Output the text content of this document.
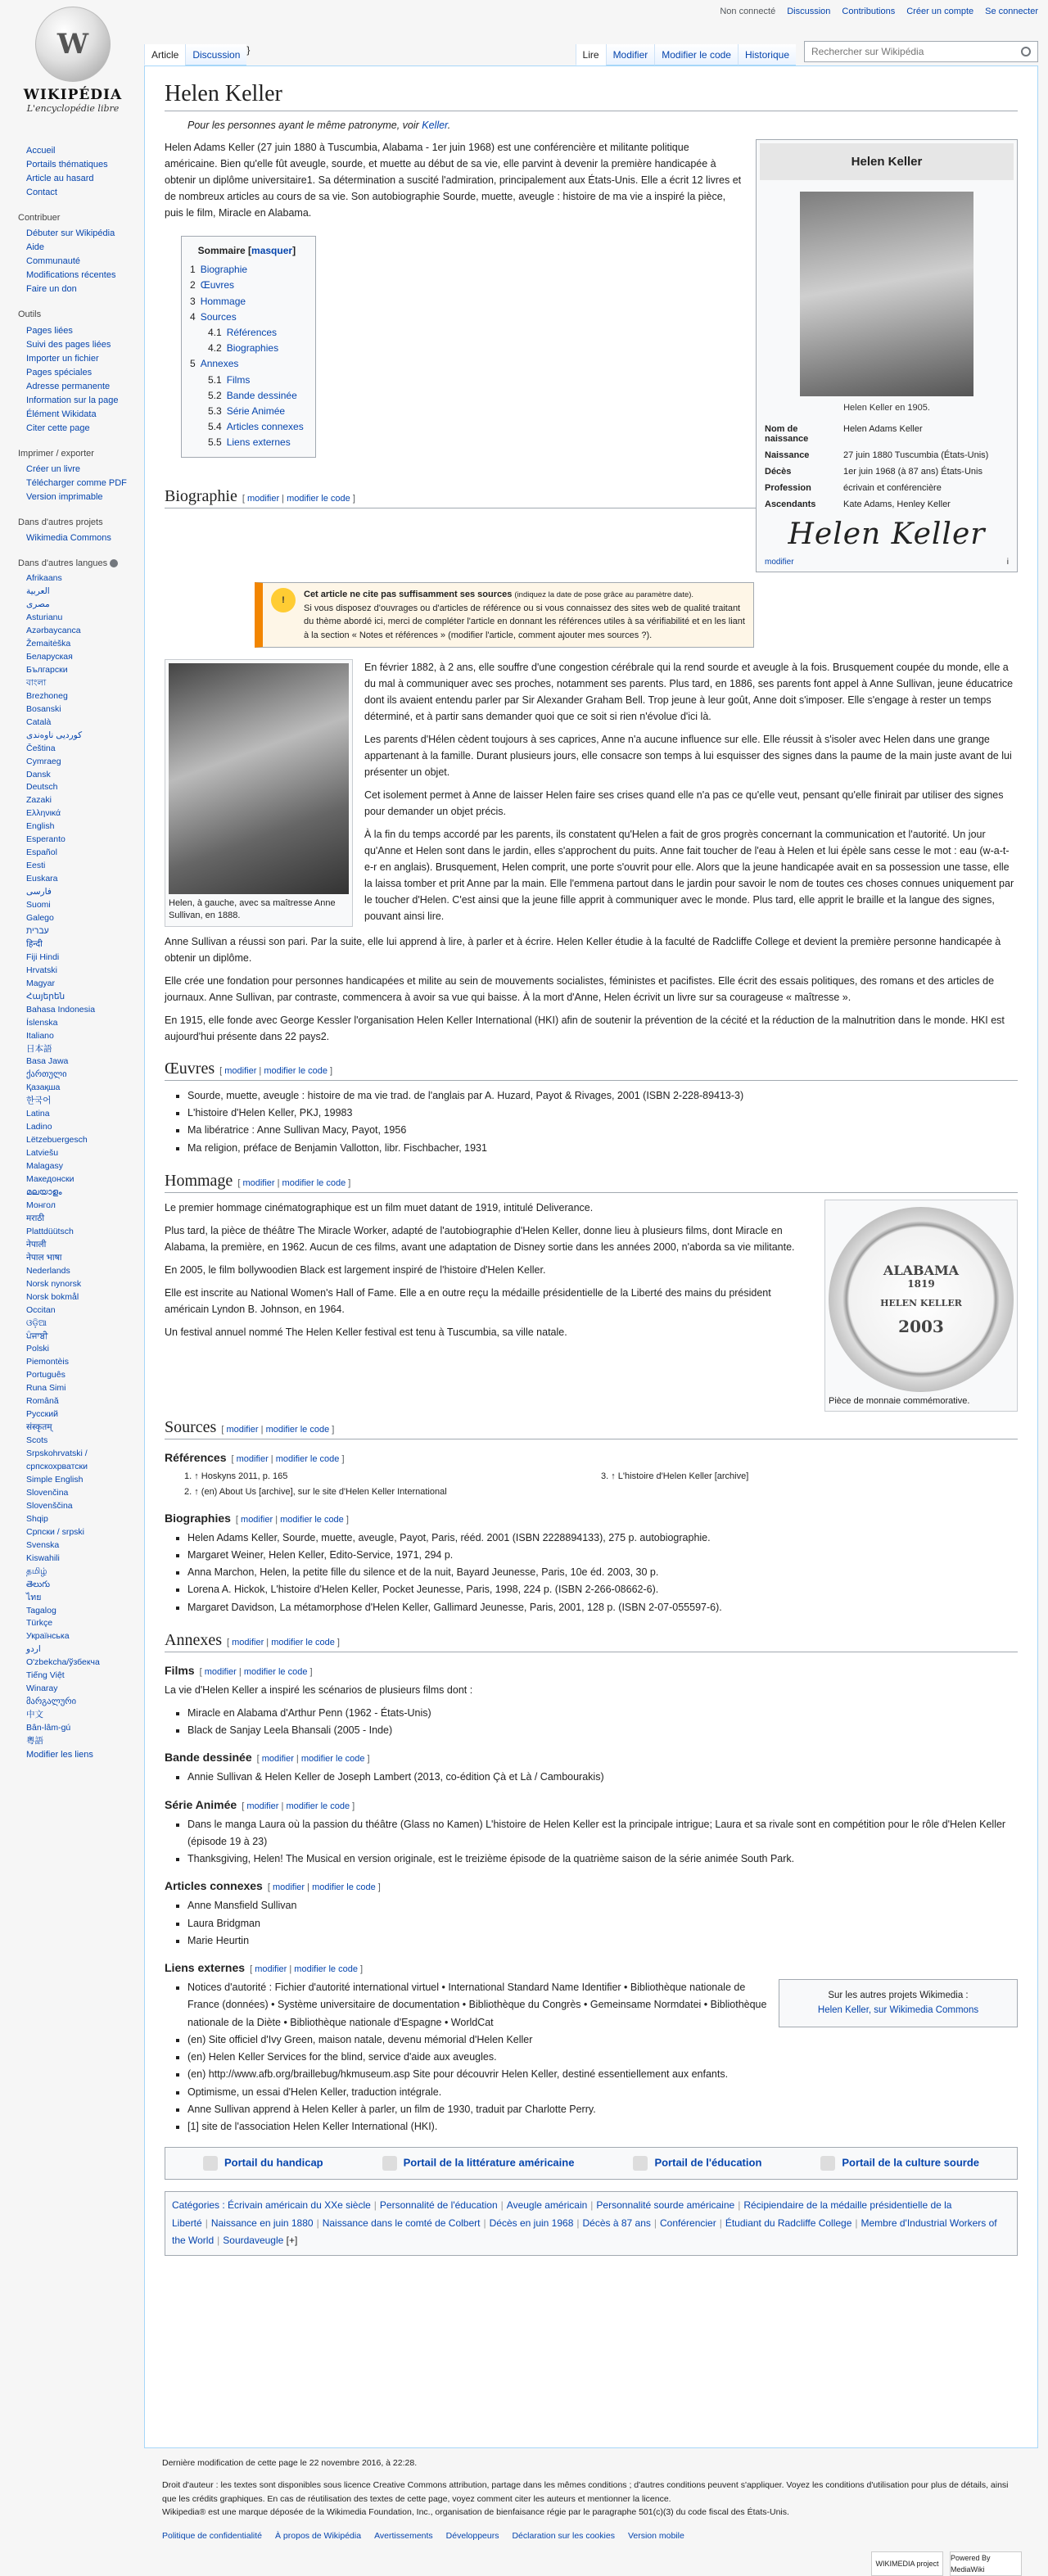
Non connecté Discussion Contributions Créer un compte Se connecter
W
WIKIPÉDIA
L'encyclopédie libre
Accueil
Portails thématiques
Article au hasard
Contact
Contribuer
Débuter sur Wikipédia
Aide
Communauté
Modifications récentes
Faire un don
Outils
Pages liées
Suivi des pages liées
Importer un fichier
Pages spéciales
Adresse permanente
Information sur la page
Élément Wikidata
Citer cette page
Imprimer / exporter
Créer un livre
Télécharger comme PDF
Version imprimable
Dans d'autres projets
Wikimedia Commons
Dans d'autres langues
Afrikaans
العربية
مصرى
Asturianu
Azərbaycanca
Žemaitėška
Беларуская
Български
বাংলা
Brezhoneg
Bosanski
Català
کوردیی ناوەندی
Čeština
Cymraeg
Dansk
Deutsch
Zazaki
Ελληνικά
English
Esperanto
Español
Eesti
Euskara
فارسی
Suomi
Galego
עברית
हिन्दी
Fiji Hindi
Hrvatski
Magyar
Հայերեն
Bahasa Indonesia
Íslenska
Italiano
日本語
Basa Jawa
ქართული
Қазақша
한국어
Latina
Ladino
Lëtzebuergesch
Latviešu
Malagasy
Македонски
മലയാളം
Монгол
मराठी
Plattdüütsch
नेपाली
नेपाल भाषा
Nederlands
Norsk nynorsk
Norsk bokmål
Occitan
ଓଡ଼ିଆ
ਪੰਜਾਬੀ
Polski
Piemontèis
Português
Runa Simi
Română
Русский
संस्कृतम्
Scots
Srpskohrvatski / српскохрватски
Simple English
Slovenčina
Slovenščina
Shqip
Српски / srpski
Svenska
Kiswahili
தமிழ்
తెలుగు
ไทย
Tagalog
Türkçe
Українська
اردو
O'zbekcha/ўзбекча
Tiếng Việt
Winaray
მარგალური
中文
Bân-lâm-gú
粵語
Modifier les liens
Article	Discussion }	Lire	Modifier	Modifier le code	Historique
Rechercher sur Wikipédia
Helen Keller
Pour les personnes ayant le même patronyme, voir Keller.
Helen Keller
Helen Keller en 1905.
Nom de naissance	Helen Adams Keller
Naissance	27 juin 1880 Tuscumbia (États-Unis)
Décès	1er juin 1968 (à 87 ans) États-Unis
Profession	écrivain et conférencière
Ascendants	Kate Adams, Henley Keller
Helen Keller
modifier	i

Helen Adams Keller (27 juin 1880 à Tuscumbia, Alabama - 1er juin 1968) est une conférencière et militante politique américaine. Bien qu'elle fût aveugle, sourde, et muette au début de sa vie, elle parvint à devenir la première handicapée à obtenir un diplôme universitaire1. Sa détermination a suscité l'admiration, principalement aux États-Unis. Elle a écrit 12 livres et de nombreux articles au cours de sa vie. Son autobiographie Sourde, muette, aveugle : histoire de ma vie a inspiré la pièce, puis le film, Miracle en Alabama.

Sommaire [masquer]
1 Biographie
2 Œuvres
3 Hommage
4 Sources
4.1 Références
4.2 Biographies
5 Annexes
5.1 Films
5.2 Bande dessinée
5.3 Série Animée
5.4 Articles connexes
5.5 Liens externes
Biographie [ modifier | modifier le code ]
!
Cet article ne cite pas suffisamment ses sources (indiquez la date de pose grâce au paramètre date).
Si vous disposez d'ouvrages ou d'articles de référence ou si vous connaissez des sites web de qualité traitant du thème abordé ici, merci de compléter l'article en donnant les références utiles à sa vérifiabilité et en les liant à la section « Notes et références » (modifier l'article, comment ajouter mes sources ?).
Helen, à gauche, avec sa maîtresse Anne Sullivan, en 1888.

En février 1882, à 2 ans, elle souffre d'une congestion cérébrale qui la rend sourde et aveugle à la fois. Brusquement coupée du monde, elle a du mal à communiquer avec ses proches, notamment ses parents. Plus tard, en 1886, ses parents font appel à Anne Sullivan, jeune éducatrice dont ils avaient entendu parler par Sir Alexander Graham Bell. Trop jeune à leur goût, Anne doit s'imposer. Elle s'engage à rester un temps déterminé, et à partir sans demander quoi que ce soit si rien n'évolue d'ici là.

Les parents d'Hélen cèdent toujours à ses caprices, Anne n'a aucune influence sur elle. Elle réussit à s'isoler avec Helen dans une grange appartenant à la famille. Durant plusieurs jours, elle consacre son temps à lui esquisser des signes dans la paume de la main juste avant de lui présenter un objet.

Cet isolement permet à Anne de laisser Helen faire ses crises quand elle n'a pas ce qu'elle veut, pensant qu'elle finirait par utiliser des signes pour demander un objet précis.

À la fin du temps accordé par les parents, ils constatent qu'Helen a fait de gros progrès concernant la communication et l'autorité. Un jour qu'Anne et Helen sont dans le jardin, elles s'approchent du puits. Anne fait toucher de l'eau à Helen et lui épèle sans cesse le mot : eau (w-a-t-e-r en anglais). Brusquement, Helen comprit, une porte s'ouvrit pour elle. Alors que la jeune handicapée avait en sa possession une tasse, elle la laissa tomber et prit Anne par la main. Elle l'emmena partout dans le jardin pour savoir le nom de toutes ces choses connues uniquement par le toucher d'Helen. C'est ainsi que la jeune fille apprit à communiquer avec le monde. Plus tard, elle apprit le braille et la langue des signes, pouvant ainsi lire.

Anne Sullivan a réussi son pari. Par la suite, elle lui apprend à lire, à parler et à écrire. Helen Keller étudie à la faculté de Radcliffe College et devient la première personne handicapée à obtenir un diplôme.

Elle crée une fondation pour personnes handicapées et milite au sein de mouvements socialistes, féministes et pacifistes. Elle écrit des essais politiques, des romans et des articles de journaux. Anne Sullivan, par contraste, commencera à avoir sa vue qui baisse. À la mort d'Anne, Helen écrivit un livre sur sa courageuse « maîtresse ».

En 1915, elle fonde avec George Kessler l'organisation Helen Keller International (HKI) afin de soutenir la prévention de la cécité et la réduction de la malnutrition dans le monde. HKI est aujourd'hui présente dans 22 pays2.

Œuvres [ modifier | modifier le code ]
▪ Sourde, muette, aveugle : histoire de ma vie trad. de l'anglais par A. Huzard, Payot & Rivages, 2001 (ISBN 2-228-89413-3)
▪ L'histoire d'Helen Keller, PKJ, 19983
▪ Ma libératrice : Anne Sullivan Macy, Payot, 1956
▪ Ma religion, préface de Benjamin Vallotton, libr. Fischbacher, 1931
Hommage [ modifier | modifier le code ]
ALABAMA
1819
HELEN KELLER
2003
Pièce de monnaie commémorative.

Le premier hommage cinématographique est un film muet datant de 1919, intitulé Deliverance.

Plus tard, la pièce de théâtre The Miracle Worker, adapté de l'autobiographie d'Helen Keller, donne lieu à plusieurs films, dont Miracle en Alabama, la première, en 1962. Aucun de ces films, avant une adaptation de Disney sortie dans les années 2000, n'aborda sa vie militante.

En 2005, le film bollywoodien Black est largement inspiré de l'histoire d'Helen Keller.

Elle est inscrite au National Women's Hall of Fame. Elle a en outre reçu la médaille présidentielle de la Liberté des mains du président américain Lyndon B. Johnson, en 1964.

Un festival annuel nommé The Helen Keller festival est tenu à Tuscumbia, sa ville natale.

Sources [ modifier | modifier le code ]
Références [ modifier | modifier le code ]
1. ↑ Hoskyns 2011, p. 165
2. ↑ (en) About Us [archive], sur le site d'Helen Keller International
3. ↑ L'histoire d'Helen Keller [archive]
Biographies [ modifier | modifier le code ]
▪ Helen Adams Keller, Sourde, muette, aveugle, Payot, Paris, rééd. 2001 (ISBN 2228894133), 275 p. autobiographie.
▪ Margaret Weiner, Helen Keller, Edito-Service, 1971, 294 p.
▪ Anna Marchon, Helen, la petite fille du silence et de la nuit, Bayard Jeunesse, Paris, 10e éd. 2003, 30 p.
▪ Lorena A. Hickok, L'histoire d'Helen Keller, Pocket Jeunesse, Paris, 1998, 224 p. (ISBN 2-266-08662-6).
▪ Margaret Davidson, La métamorphose d'Helen Keller, Gallimard Jeunesse, Paris, 2001, 128 p. (ISBN 2-07-055597-6).
Annexes [ modifier | modifier le code ]
Films [ modifier | modifier le code ]

La vie d'Helen Keller a inspiré les scénarios de plusieurs films dont :

▪ Miracle en Alabama d'Arthur Penn (1962 - États-Unis)
▪ Black de Sanjay Leela Bhansali (2005 - Inde)
Bande dessinée [ modifier | modifier le code ]
▪ Annie Sullivan & Helen Keller de Joseph Lambert (2013, co-édition Çà et Là / Cambourakis)
Série Animée [ modifier | modifier le code ]
▪ Dans le manga Laura où la passion du théâtre (Glass no Kamen) L'histoire de Helen Keller est la principale intrigue; Laura et sa rivale sont en compétition pour le rôle d'Helen Keller (épisode 19 à 23)
▪ Thanksgiving, Helen! The Musical en version originale, est le treizième épisode de la quatrième saison de la série animée South Park.
Articles connexes [ modifier | modifier le code ]
▪ Anne Mansfield Sullivan
▪ Laura Bridgman
▪ Marie Heurtin
Liens externes [ modifier | modifier le code ]
Sur les autres projets Wikimedia :
Helen Keller, sur Wikimedia Commons
▪ Notices d'autorité : Fichier d'autorité international virtuel • International Standard Name Identifier • Bibliothèque nationale de France (données) • Système universitaire de documentation • Bibliothèque du Congrès • Gemeinsame Normdatei • Bibliothèque nationale de la Diète • Bibliothèque nationale d'Espagne • WorldCat
▪ (en) Site officiel d'Ivy Green, maison natale, devenu mémorial d'Helen Keller
▪ (en) Helen Keller Services for the blind, service d'aide aux aveugles.
▪ (en) http://www.afb.org/braillebug/hkmuseum.asp Site pour découvrir Helen Keller, destiné essentiellement aux enfants.
▪ Optimisme, un essai d'Helen Keller, traduction intégrale.
▪ Anne Sullivan apprend à Helen Keller à parler, un film de 1930, traduit par Charlotte Perry.
▪ [1] site de l'association Helen Keller International (HKI).
Portail du handicap	Portail de la littérature américaine	Portail de l'éducation	Portail de la culture sourde
Catégories : Écrivain américain du XXe siècle | Personnalité de l'éducation | Aveugle américain | Personnalité sourde américaine | Récipiendaire de la médaille présidentielle de la Liberté | Naissance en juin 1880 | Naissance dans le comté de Colbert | Décès en juin 1968 | Décès à 87 ans | Conférencier | Étudiant du Radcliffe College | Membre d'Industrial Workers of the World | Sourdaveugle [+]
Dernière modification de cette page le 22 novembre 2016, à 22:28.
Droit d'auteur : les textes sont disponibles sous licence Creative Commons attribution, partage dans les mêmes conditions ; d'autres conditions peuvent s'appliquer. Voyez les conditions d'utilisation pour plus de détails, ainsi que les crédits graphiques. En cas de réutilisation des textes de cette page, voyez comment citer les auteurs et mentionner la licence.
Wikipedia® est une marque déposée de la Wikimedia Foundation, Inc., organisation de bienfaisance régie par le paragraphe 501(c)(3) du code fiscal des États-Unis.
Politique de confidentialité À propos de Wikipédia Avertissements Développeurs Déclaration sur les cookies Version mobile
WIKIMEDIA project
Powered By MediaWiki
